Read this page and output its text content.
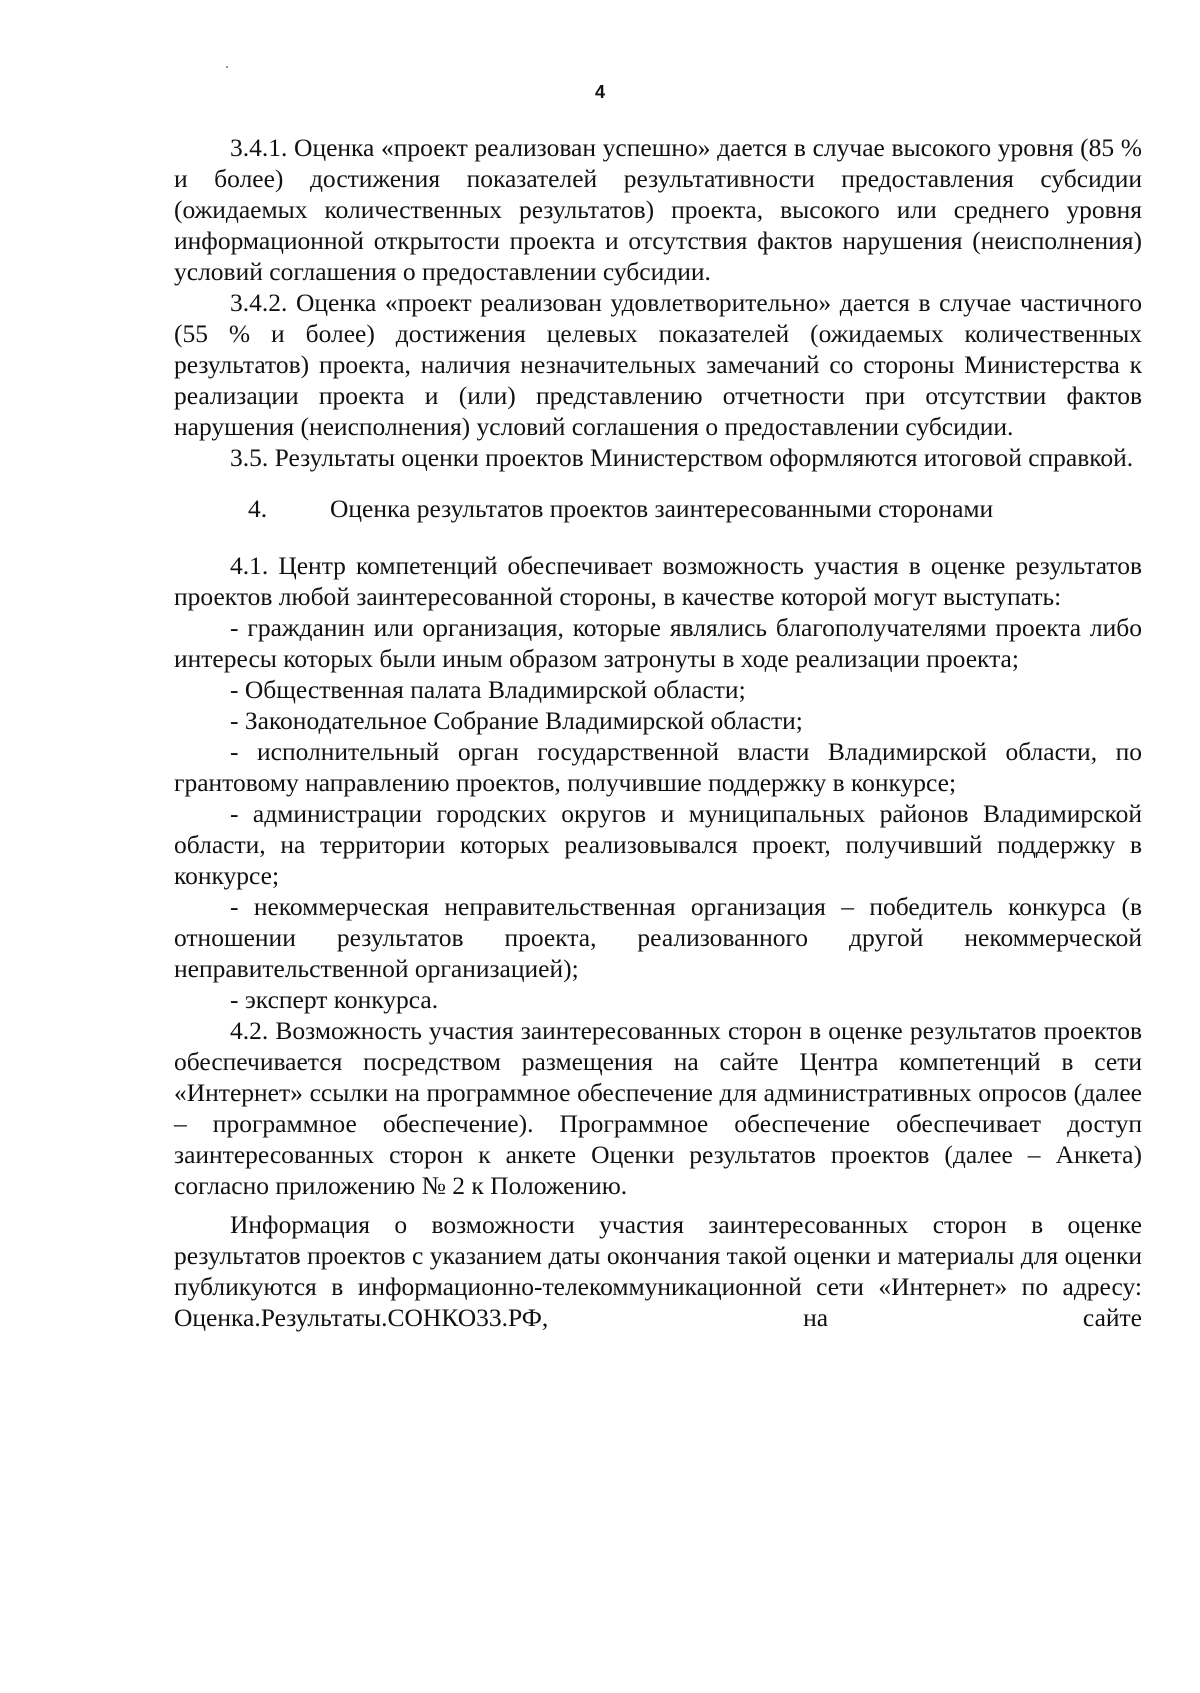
4

3.4.1. Оценка «проект реализован успешно» дается в случае высокого уровня (85 % и более) достижения показателей результативности предоставления субсидии (ожидаемых количественных результатов) проекта, высокого или среднего уровня информационной открытости проекта и отсутствия фактов нарушения (неисполнения) условий соглашения о предоставлении субсидии.

3.4.2. Оценка «проект реализован удовлетворительно» дается в случае частичного (55 % и более) достижения целевых показателей (ожидаемых количественных результатов) проекта, наличия незначительных замечаний со стороны Министерства к реализации проекта и (или) представлению отчетности при отсутствии фактов нарушения (неисполнения) условий соглашения о предоставлении субсидии.

3.5. Результаты оценки проектов Министерством оформляются итоговой справкой.

4. Оценка результатов проектов заинтересованными сторонами

4.1. Центр компетенций обеспечивает возможность участия в оценке результатов проектов любой заинтересованной стороны, в качестве которой могут выступать:

- гражданин или организация, которые являлись благополучателями проекта либо интересы которых были иным образом затронуты в ходе реализации проекта;

- Общественная палата Владимирской области;

- Законодательное Собрание Владимирской области;

- исполнительный орган государственной власти Владимирской области, по грантовому направлению проектов, получившие поддержку в конкурсе;

- администрации городских округов и муниципальных районов Владимирской области, на территории которых реализовывался проект, получивший поддержку в конкурсе;

- некоммерческая неправительственная организация – победитель конкурса (в отношении результатов проекта, реализованного другой некоммерческой неправительственной организацией);

- эксперт конкурса.

4.2. Возможность участия заинтересованных сторон в оценке результатов проектов обеспечивается посредством размещения на сайте Центра компетенций в сети «Интернет» ссылки на программное обеспечение для административных опросов (далее – программное обеспечение). Программное обеспечение обеспечивает доступ заинтересованных сторон к анкете Оценки результатов проектов (далее – Анкета) согласно приложению № 2 к Положению.

Информация о возможности участия заинтересованных сторон в оценке результатов проектов с указанием даты окончания такой оценки и материалы для оценки публикуются в информационно-телекоммуникационной сети «Интернет» по адресу: Оценка.Результаты.СОНКО33.РФ, на сайте
